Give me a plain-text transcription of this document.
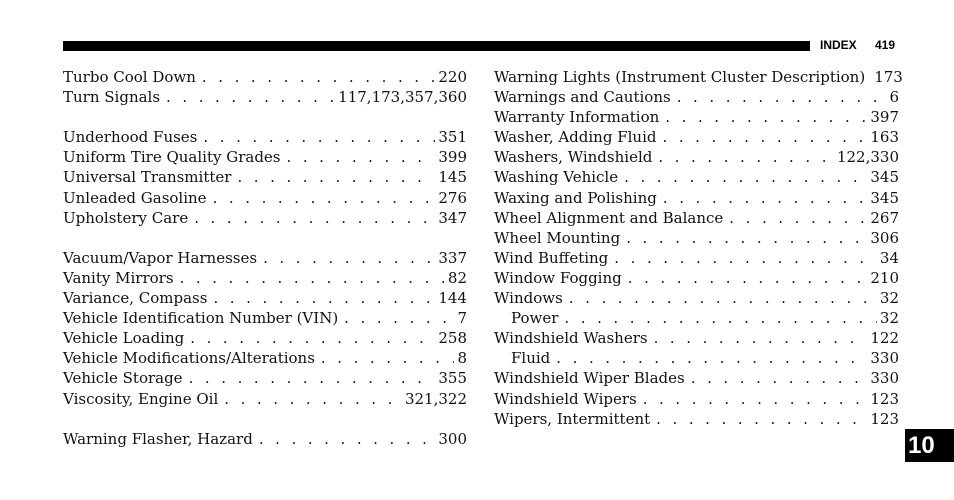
INDEX 419
Turbo Cool Down . . .	220
Turn Signals . . .	117,173,357,360
Underhood Fuses . . .	351
Uniform Tire Quality Grades . . .	399
Universal Transmitter . . .	145
Unleaded Gasoline . . .	276
Upholstery Care . . .	347
Vacuum/Vapor Harnesses . . .	337
Vanity Mirrors . . .	82
Variance, Compass . . .	144
Vehicle Identification Number (VIN) . . .	7
Vehicle Loading . . .	258
Vehicle Modifications/Alterations . . .	8
Vehicle Storage . . .	355
Viscosity, Engine Oil . . .	321,322
Warning Flasher, Hazard . . .	300
Warning Lights (Instrument Cluster Description) 173
Warnings and Cautions . . .	6
Warranty Information . . .	397
Washer, Adding Fluid . . .	163
Washers, Windshield . . .	122,330
Washing Vehicle . . .	345
Waxing and Polishing . . .	345
Wheel Alignment and Balance . . .	267
Wheel Mounting . . .	306
Wind Buffeting . . .	34
Window Fogging . . .	210
Windows . . .	32
Power . . .	32
Windshield Washers . . .	122
Fluid . . .	330
Windshield Wiper Blades . . .	330
Windshield Wipers . . .	123
Wipers, Intermittent . . .	123
10
